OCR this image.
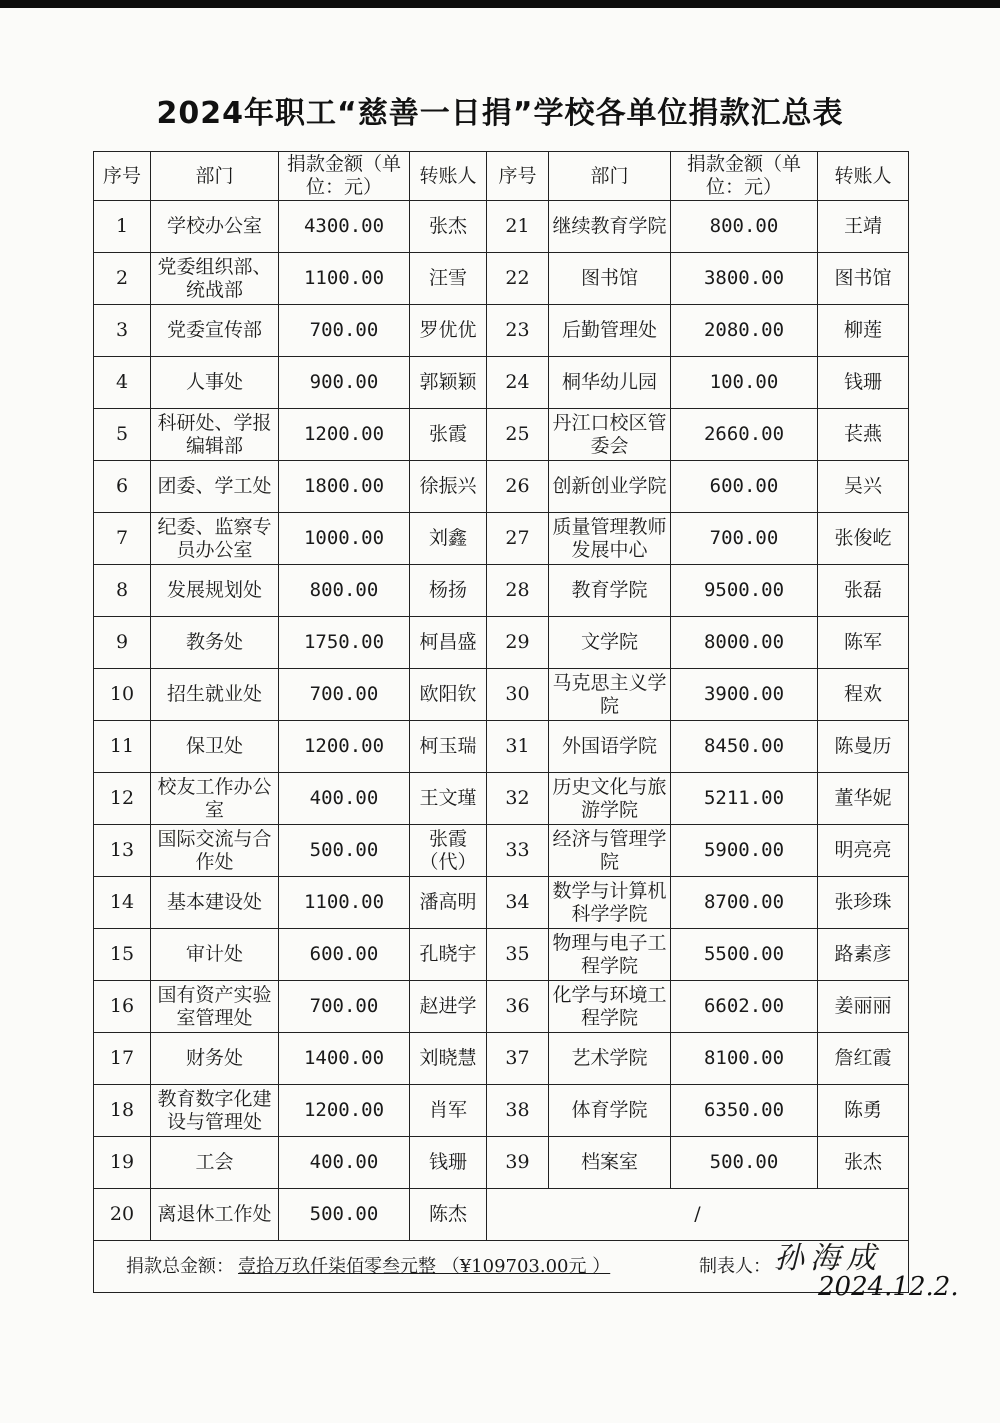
2024年职工“慈善一日捐”学校各单位捐款汇总表
序号	部门	捐款金额（单位：元）	转账人	序号	部门	捐款金额（单位：元）	转账人
1	学校办公室	4300.00	张杰	21	继续教育学院	800.00	王靖
2	党委组织部、统战部	1100.00	汪雪	22	图书馆	3800.00	图书馆
3	党委宣传部	700.00	罗优优	23	后勤管理处	2080.00	柳莲
4	人事处	900.00	郭颖颖	24	桐华幼儿园	100.00	钱珊
5	科研处、学报编辑部	1200.00	张霞	25	丹江口校区管委会	2660.00	苌燕
6	团委、学工处	1800.00	徐振兴	26	创新创业学院	600.00	吴兴
7	纪委、监察专员办公室	1000.00	刘鑫	27	质量管理教师发展中心	700.00	张俊屹
8	发展规划处	800.00	杨扬	28	教育学院	9500.00	张磊
9	教务处	1750.00	柯昌盛	29	文学院	8000.00	陈军
10	招生就业处	700.00	欧阳钦	30	马克思主义学院	3900.00	程欢
11	保卫处	1200.00	柯玉瑞	31	外国语学院	8450.00	陈曼历
12	校友工作办公室	400.00	王文瑾	32	历史文化与旅游学院	5211.00	董华妮
13	国际交流与合作处	500.00	张霞（代）	33	经济与管理学院	5900.00	明亮亮
14	基本建设处	1100.00	潘高明	34	数学与计算机科学学院	8700.00	张珍珠
15	审计处	600.00	孔晓宇	35	物理与电子工程学院	5500.00	路素彦
16	国有资产实验室管理处	700.00	赵进学	36	化学与环境工程学院	6602.00	姜丽丽
17	财务处	1400.00	刘晓慧	37	艺术学院	8100.00	詹红霞
18	教育数字化建设与管理处	1200.00	肖军	38	体育学院	6350.00	陈勇
19	工会	400.00	钱珊	39	档案室	500.00	张杰
20	离退休工作处	500.00	陈杰	/			
捐款总金额： 壹拾万玖仟柒佰零叁元整 （¥109703.00元 ） 制表人： 孙海成							
2024.12.2.
